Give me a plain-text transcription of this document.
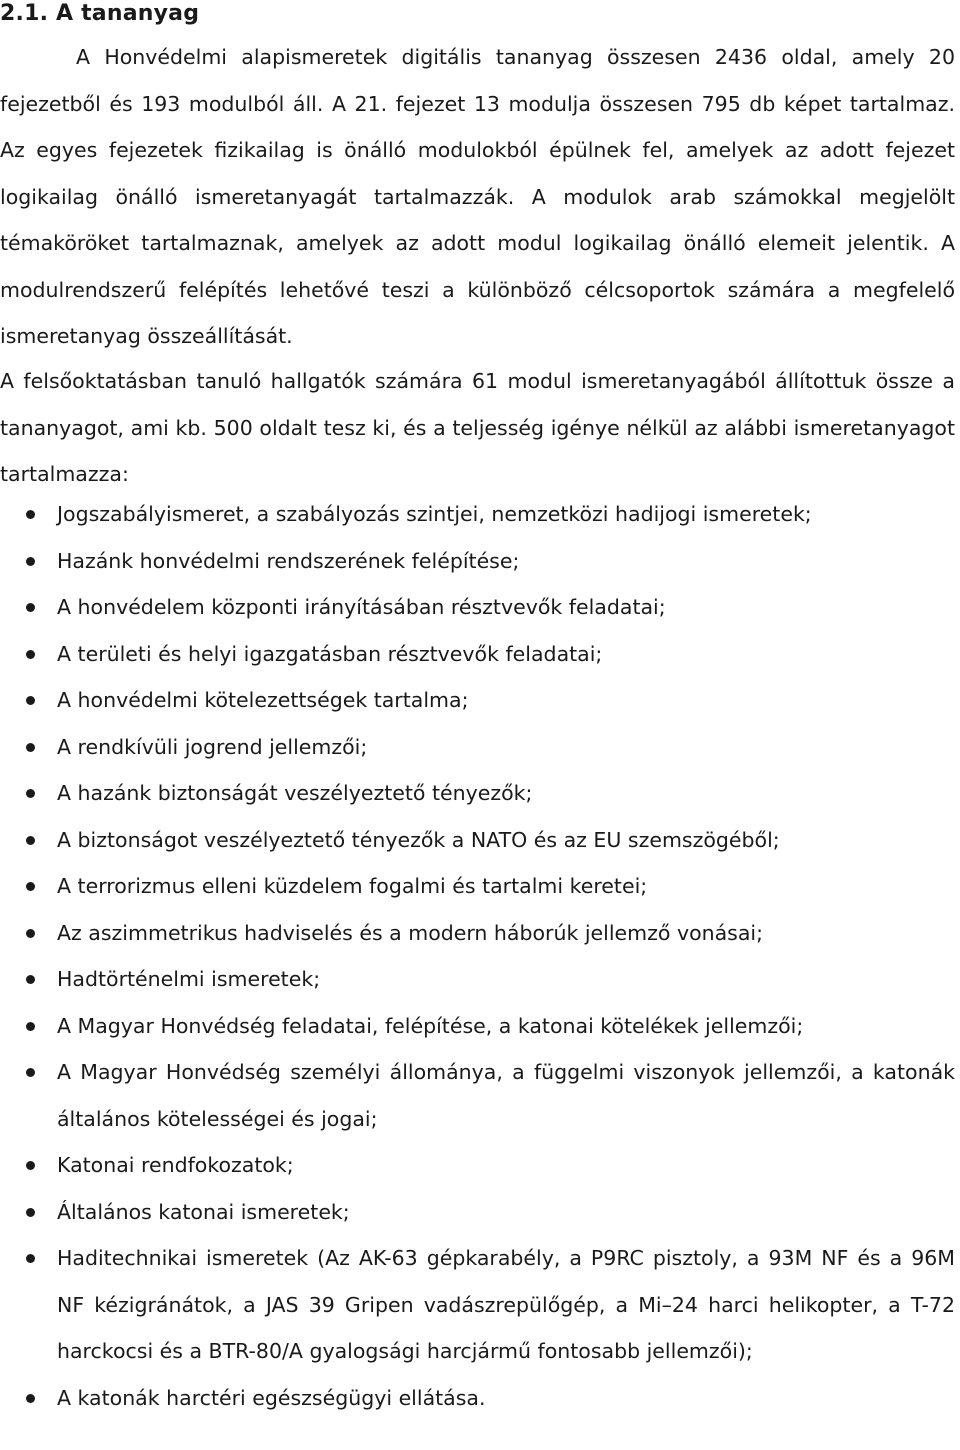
2.1. A tananyag

A Honvédelmi alapismeretek digitális tananyag összesen 2436 oldal, amely 20 fejezetből és 193 modulból áll. A 21. fejezet 13 modulja összesen 795 db képet tartalmaz. Az egyes fejezetek fizikailag is önálló modulokból épülnek fel, amelyek az adott fejezet logikailag önálló ismeretanyagát tartalmazzák. A modulok arab számokkal megjelölt témaköröket tartalmaznak, amelyek az adott modul logikailag önálló elemeit jelentik. A modulrendszerű felépítés lehetővé teszi a különböző célcsoportok számára a megfelelő ismeretanyag összeállítását.

A felsőoktatásban tanuló hallgatók számára 61 modul ismeretanyagából állítottuk össze a tananyagot, ami kb. 500 oldalt tesz ki, és a teljesség igénye nélkül az alábbi ismeretanyagot tartalmazza:

Jogszabályismeret, a szabályozás szintjei, nemzetközi hadijogi ismeretek;
Hazánk honvédelmi rendszerének felépítése;
A honvédelem központi irányításában résztvevők feladatai;
A területi és helyi igazgatásban résztvevők feladatai;
A honvédelmi kötelezettségek tartalma;
A rendkívüli jogrend jellemzői;
A hazánk biztonságát veszélyeztető tényezők;
A biztonságot veszélyeztető tényezők a NATO és az EU szemszögéből;
A terrorizmus elleni küzdelem fogalmi és tartalmi keretei;
Az aszimmetrikus hadviselés és a modern háborúk jellemző vonásai;
Hadtörténelmi ismeretek;
A Magyar Honvédség feladatai, felépítése, a katonai kötelékek jellemzői;
A Magyar Honvédség személyi állománya, a függelmi viszonyok jellemzői, a katonák általános kötelességei és jogai;
Katonai rendfokozatok;
Általános katonai ismeretek;
Haditechnikai ismeretek (Az AK-63 gépkarabély, a P9RC pisztoly, a 93M NF és a 96M NF kézigránátok, a JAS 39 Gripen vadászrepülőgép, a Mi–24 harci helikopter, a T-72 harckocsi és a BTR-80/A gyalogsági harcjármű fontosabb jellemzői);
A katonák harctéri egészségügyi ellátása.
